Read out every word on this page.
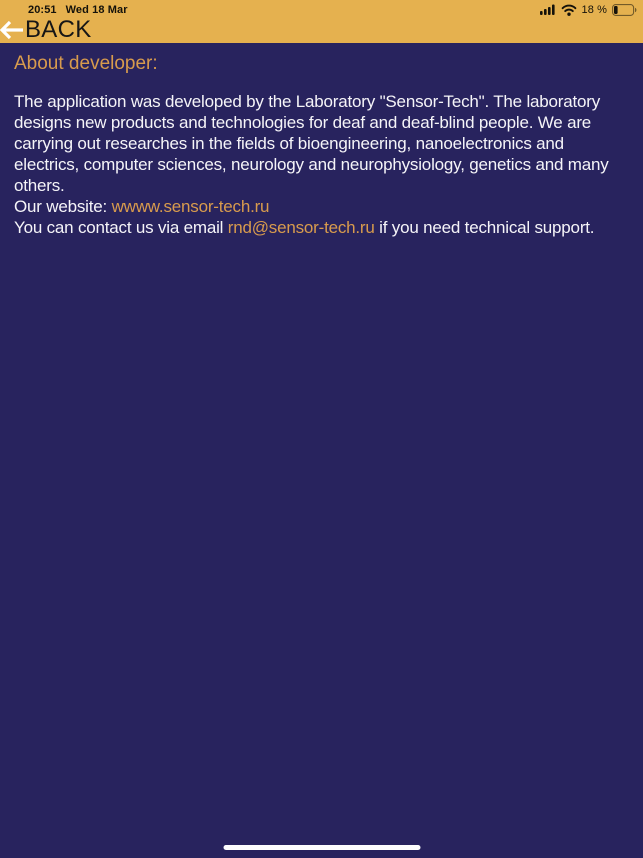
20:51 Wed 18 Mar	18 %
BACK
About developer:

The application was developed by the Laboratory "Sensor-Tech". The laboratory designs new products and technologies for deaf and deaf-blind people. We are carrying out researches in the fields of bioengineering, nanoelectronics and electrics, computer sciences, neurology and neurophysiology, genetics and many others.

Our website: wwww.sensor-tech.ru

You can contact us via email rnd@sensor-tech.ru if you need technical support.
